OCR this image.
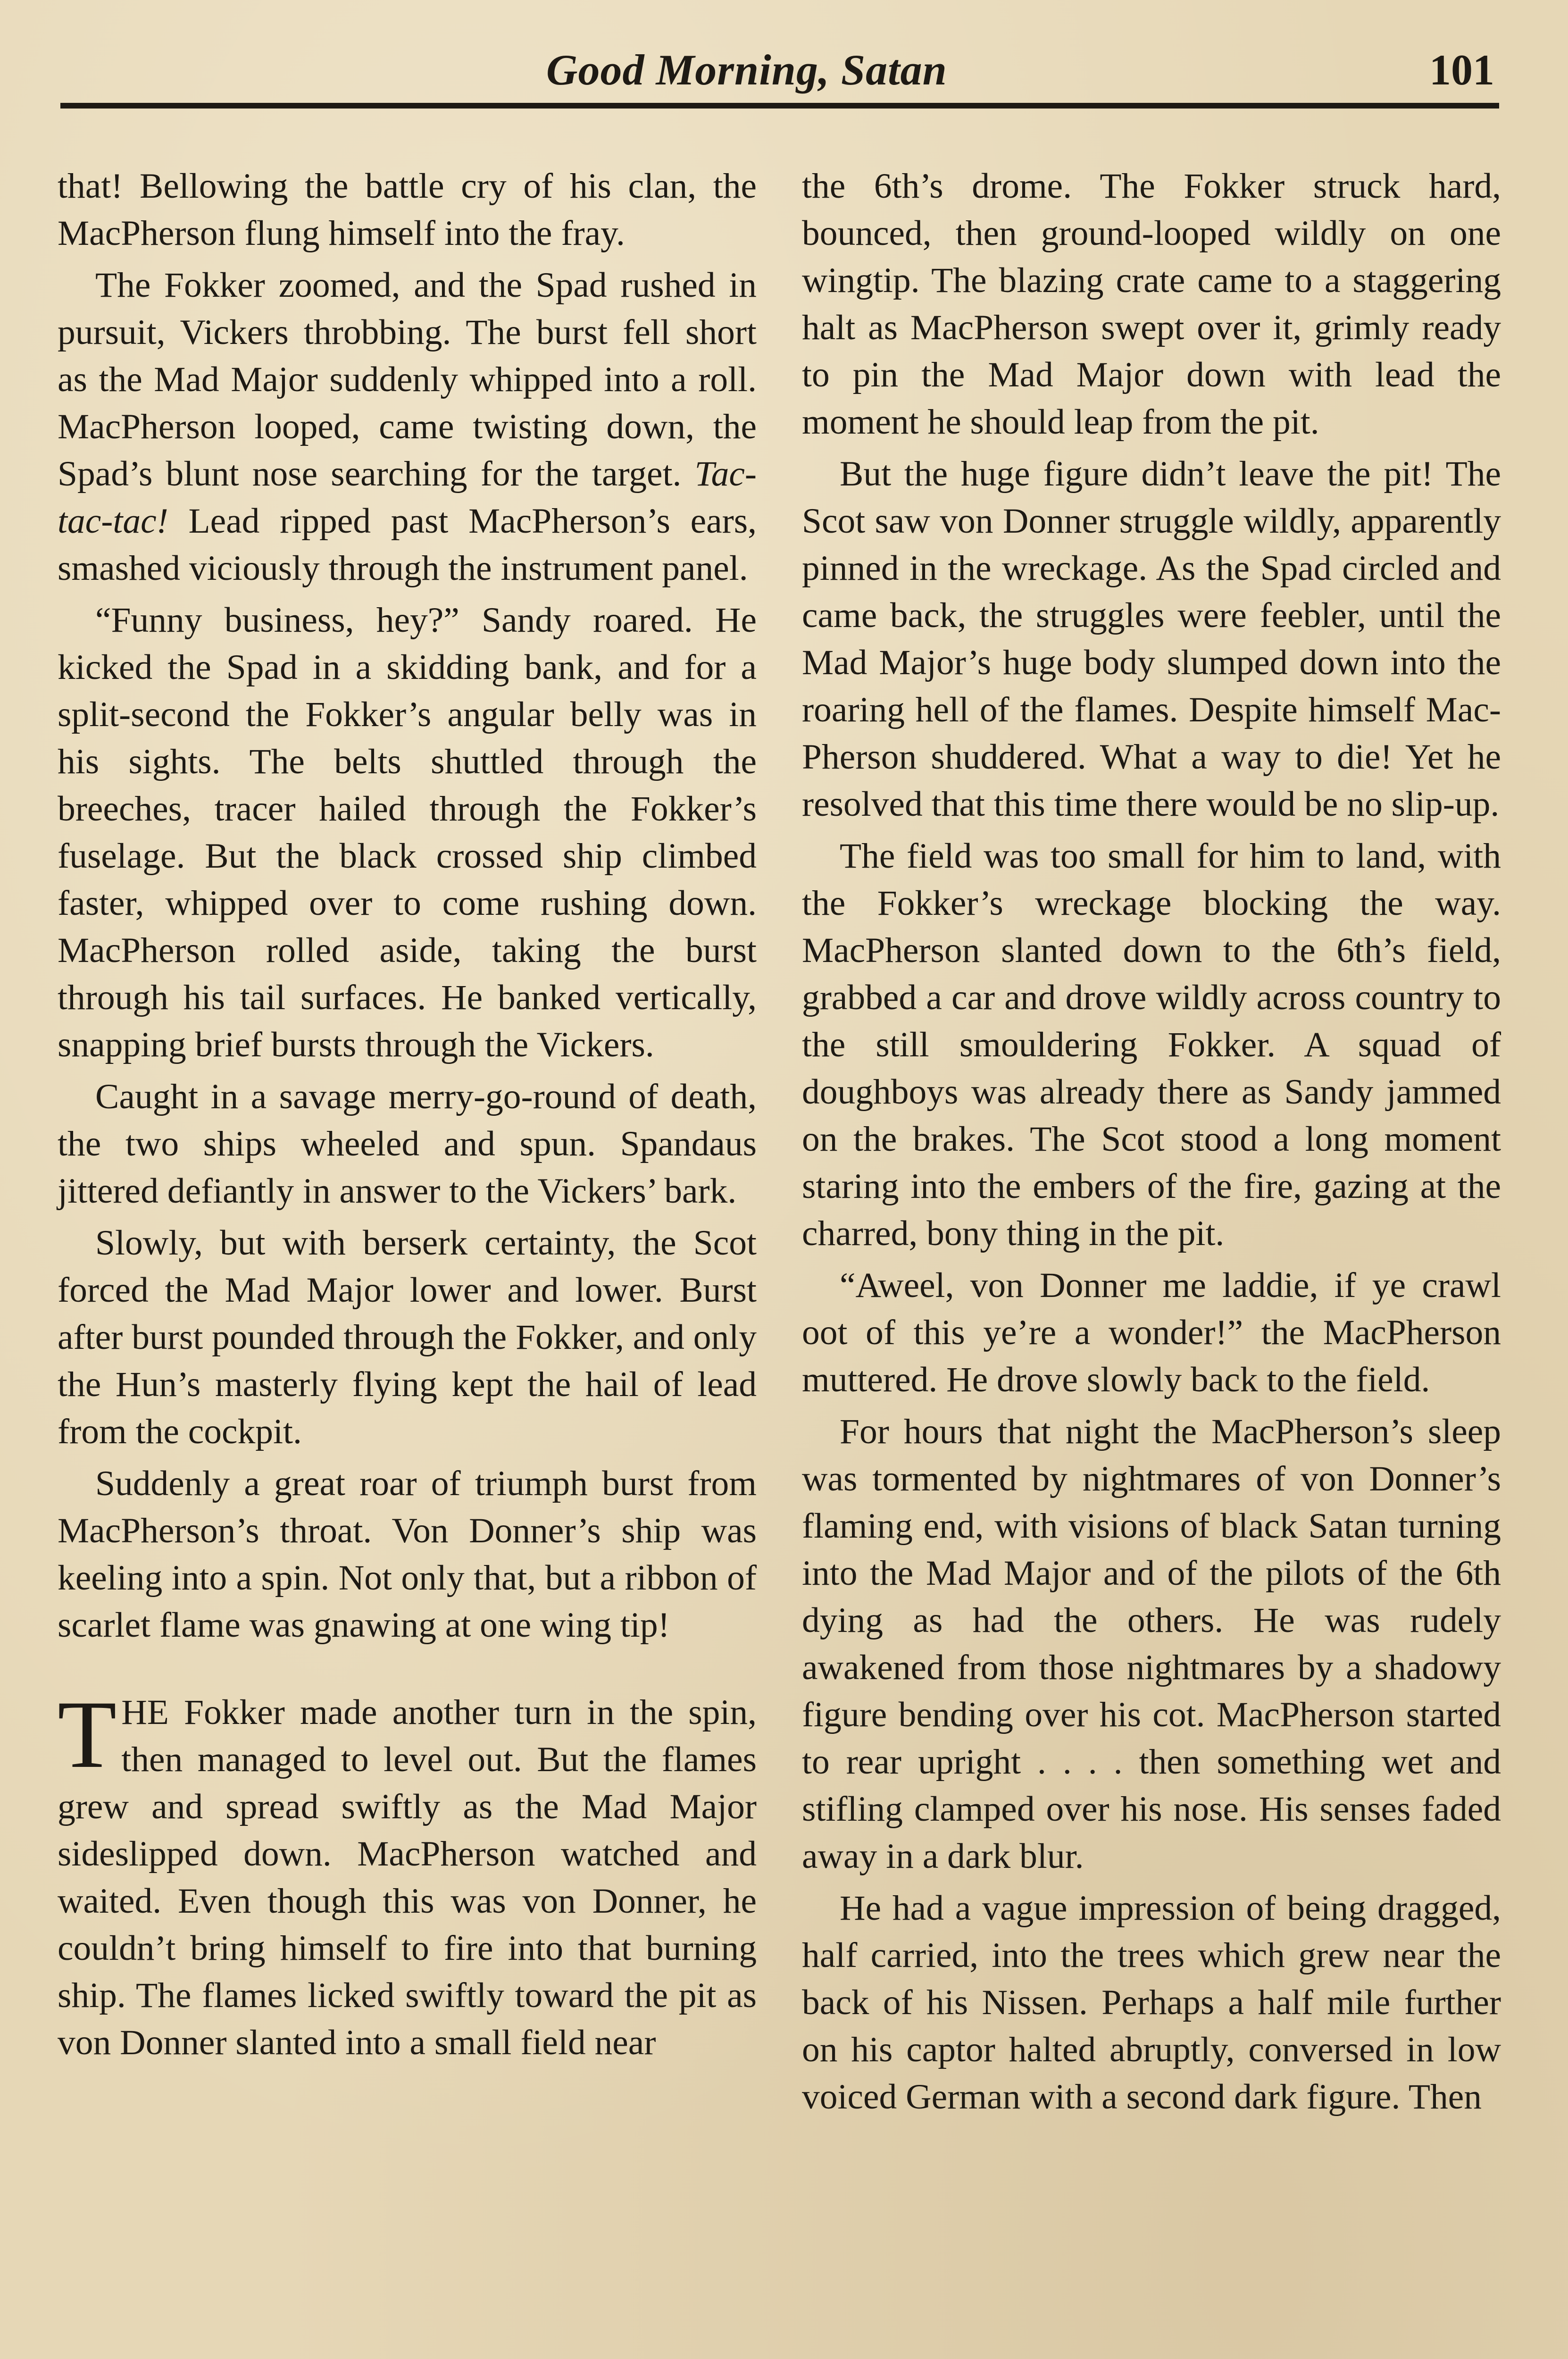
Good Morning, Satan	101

that! Bellowing the battle cry of his clan, the MacPherson flung himself into the fray.

The Fokker zoomed, and the Spad rushed in pursuit, Vickers throbbing. The burst fell short as the Mad Major suddenly whipped into a roll. MacPherson looped, came twisting down, the Spad’s blunt nose searching for the target. Tactac-tac! Lead ripped past MacPherson’s ears, smashed viciously through the instrument panel.

“Funny business, hey?” Sandy roared. He kicked the Spad in a skidding bank, and for a split-second the Fokker’s angular belly was in his sights. The belts shuttled through the breeches, tracer hailed through the Fokker’s fuselage. But the black crossed ship climbed faster, whipped over to come rushing down. MacPherson rolled aside, taking the burst through his tail surfaces. He banked vertically, snapping brief bursts through the Vickers.

Caught in a savage merry-go-round of death, the two ships wheeled and spun. Spandaus jittered defiantly in answer to the Vickers’ bark.

Slowly, but with berserk certainty, the Scot forced the Mad Major lower and lower. Burst after burst pounded through the Fokker, and only the Hun’s masterly flying kept the hail of lead from the cockpit.

Suddenly a great roar of triumph burst from MacPherson’s throat. Von Donner’s ship was keeling into a spin. Not only that, but a ribbon of scarlet flame was gnawing at one wing tip!

THE Fokker made another turn in the spin, then managed to level out. But the flames grew and spread swiftly as the Mad Major sideslipped down. MacPherson watched and waited. Even though this was von Donner, he couldn’t bring himself to fire into that burning ship. The flames licked swiftly toward the pit as von Donner slanted into a small field near

the 6th’s drome. The Fokker struck hard, bounced, then ground-looped wildly on one wingtip. The blazing crate came to a staggering halt as MacPherson swept over it, grimly ready to pin the Mad Major down with lead the moment he should leap from the pit.

But the huge figure didn’t leave the pit! The Scot saw von Donner struggle wildly, apparently pinned in the wreckage. As the Spad circled and came back, the struggles were feebler, until the Mad Major’s huge body slumped down into the roaring hell of the flames. Despite himself MacPherson shuddered. What a way to die! Yet he resolved that this time there would be no slip-up.

The field was too small for him to land, with the Fokker’s wreckage blocking the way. MacPherson slanted down to the 6th’s field, grabbed a car and drove wildly across country to the still smouldering Fokker. A squad of doughboys was already there as Sandy jammed on the brakes. The Scot stood a long moment staring into the embers of the fire, gazing at the charred, bony thing in the pit.

“Aweel, von Donner me laddie, if ye crawl oot of this ye’re a wonder!” the MacPherson muttered. He drove slowly back to the field.

For hours that night the MacPherson’s sleep was tormented by nightmares of von Donner’s flaming end, with visions of black Satan turning into the Mad Major and of the pilots of the 6th dying as had the others. He was rudely awakened from those nightmares by a shadowy figure bending over his cot. MacPherson started to rear upright . . . . then something wet and stifling clamped over his nose. His senses faded away in a dark blur.

He had a vague impression of being dragged, half carried, into the trees which grew near the back of his Nissen. Perhaps a half mile further on his captor halted abruptly, conversed in low voiced German with a second dark figure. Then
